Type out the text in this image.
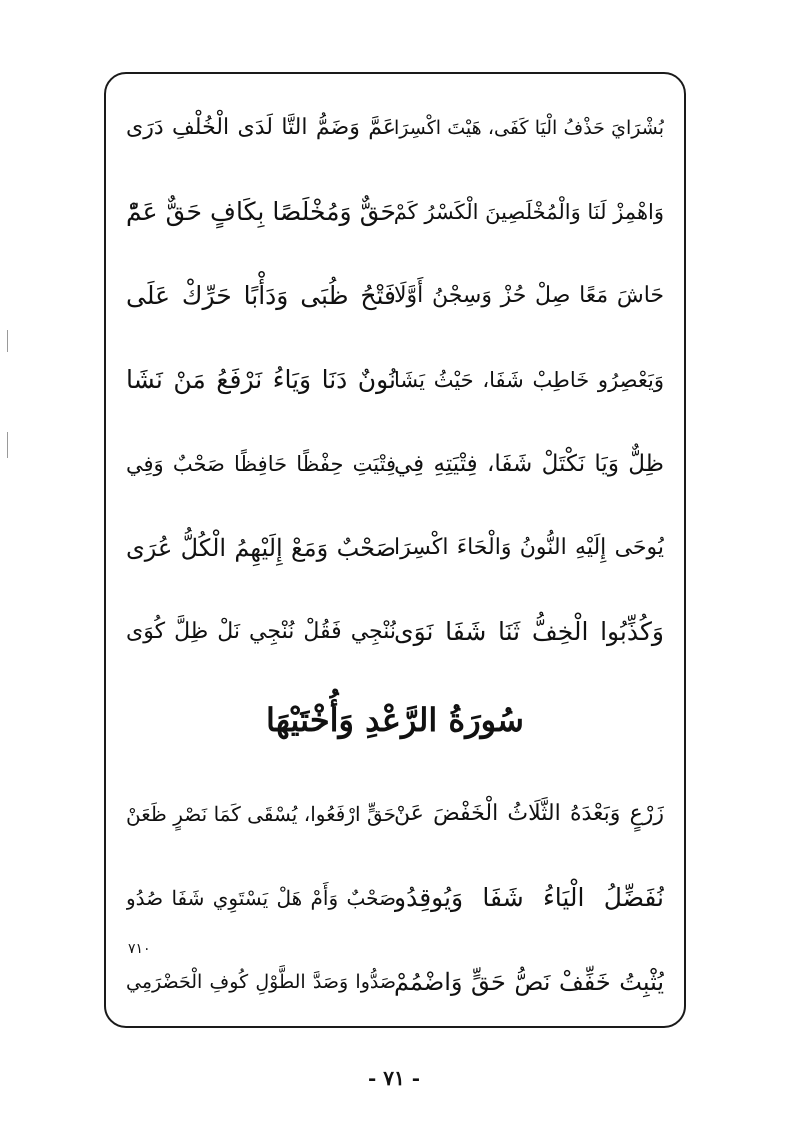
بُشْرَايَ حَذْفُ الْيَا كَفَى، هَيْتَ اكْسِرَا
عَمَّ وَضَمُّ التَّا لَدَى الْخُلْفِ دَرَى
وَاهْمِزْ لَنَا وَالْمُخْلَصِينَ الْكَسْرُ كَمْ
حَقٌّ وَمُخْلَصًا بِكَافٍ حَقٌّ عَمّْ
حَاشَ مَعًا صِلْ حُزْ وَسِجْنُ أَوَّلَا
فَتْحُ ظُبَى وَدَأْبًا حَرِّكْ عَلَى
وَيَعْصِرُو خَاطِبْ شَفَا، حَيْثُ يَشَا
نُونٌ دَنَا وَيَاءُ نَرْفَعُ مَنْ نَشَا
ظِلٌّ وَيَا نَكْتَلْ شَفَا، فِتْيَتِهِ فِي
فِتْيَتِ حِفْظًا حَافِظًا صَحْبٌ وَفِي
يُوحَى إِلَيْهِ النُّونُ وَالْحَاءَ اكْسِرَا
صَحْبٌ وَمَعْ إِلَيْهِمُ الْكُلُّ عُرَى
وَكُذِّبُوا الْخِفُّ ثَنَا شَفَا نَوَى
نُنْجِي فَقُلْ نُنْجِي نَلْ ظِلَّ كُوَى
سُورَةُ الرَّعْدِ وَأُخْتَيْهَا
زَرْعٍ وَبَعْدَهُ الثَّلَاثُ الْخَفْضَ عَنْ
حَقٍّ ارْفَعُوا، يُسْقَى كَمَا نَصْرٍ ظَعَنْ
نُفَضِّلُ الْيَاءُ شَفَا وَيُوقِدُو
صَحْبٌ وَأَمْ هَلْ يَسْتَوِي شَفَا صُدُو
٧١٠
يُثْبِتُ خَفِّفْ نَصُّ حَقٍّ وَاضْمُمْ
صَدُّوا وَصَدَّ الطَّوْلِ كُوفِ الْحَضْرَمِي
- ٧١ -
